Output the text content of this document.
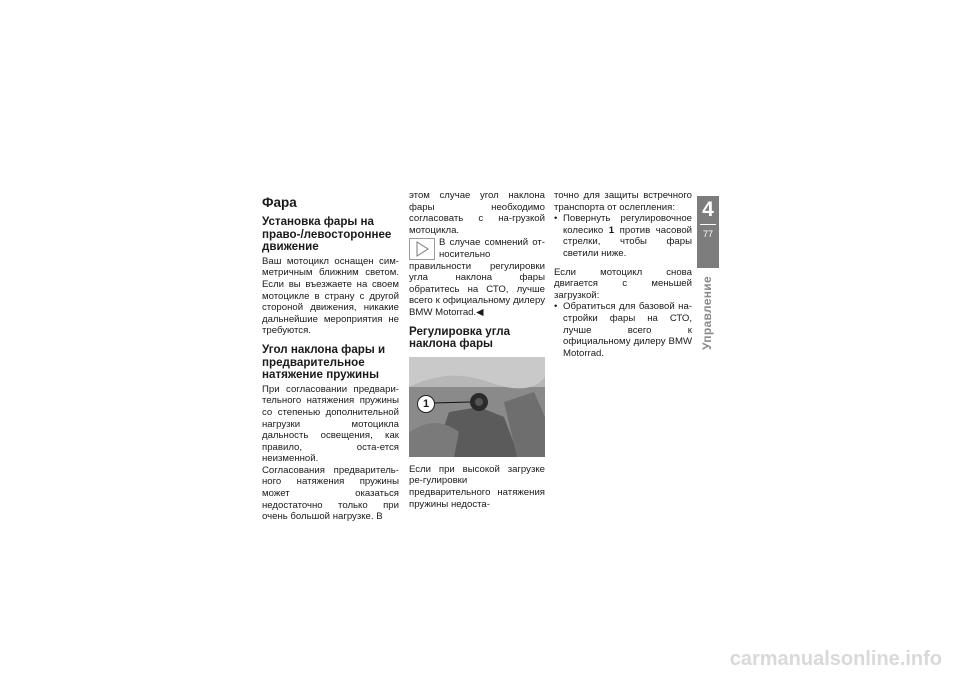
Фара
Установка фары на право-/левостороннее движение
Ваш мотоцикл оснащен сим-метричным ближним светом. Если вы въезжаете на своем мотоцикле в страну с другой стороной движения, никакие дальнейшие мероприятия не требуются.
Угол наклона фары и предварительное натяжение пружины
При согласовании предвари-тельного натяжения пружины со степенью дополнительной нагрузки мотоцикла дальность освещения, как правило, оста-ется неизменной.
Согласования предваритель-ного натяжения пружины может оказаться недостаточно только при очень большой нагрузке. В
этом случае угол наклона фары необходимо согласовать с на-грузкой мотоцикла.
В случае сомнений от-носительно правильности регулировки угла наклона фары обратитесь на СТО, лучше всего к официальному дилеру BMW Motorrad.◀
Регулировка угла наклона фары
1
Если при высокой загрузке ре-гулировки предварительного натяжения пружины недоста-
точно для защиты встречного транспорта от ослепления:
• Повернуть регулировочное колесико 1 против часовой стрелки, чтобы фары светили ниже.
Если мотоцикл снова двигается с меньшей загрузкой:
• Обратиться для базовой на-стройки фары на СТО, лучше всего к официальному дилеру BMW Motorrad.
4
77
Управление
carmanualsonline.info
